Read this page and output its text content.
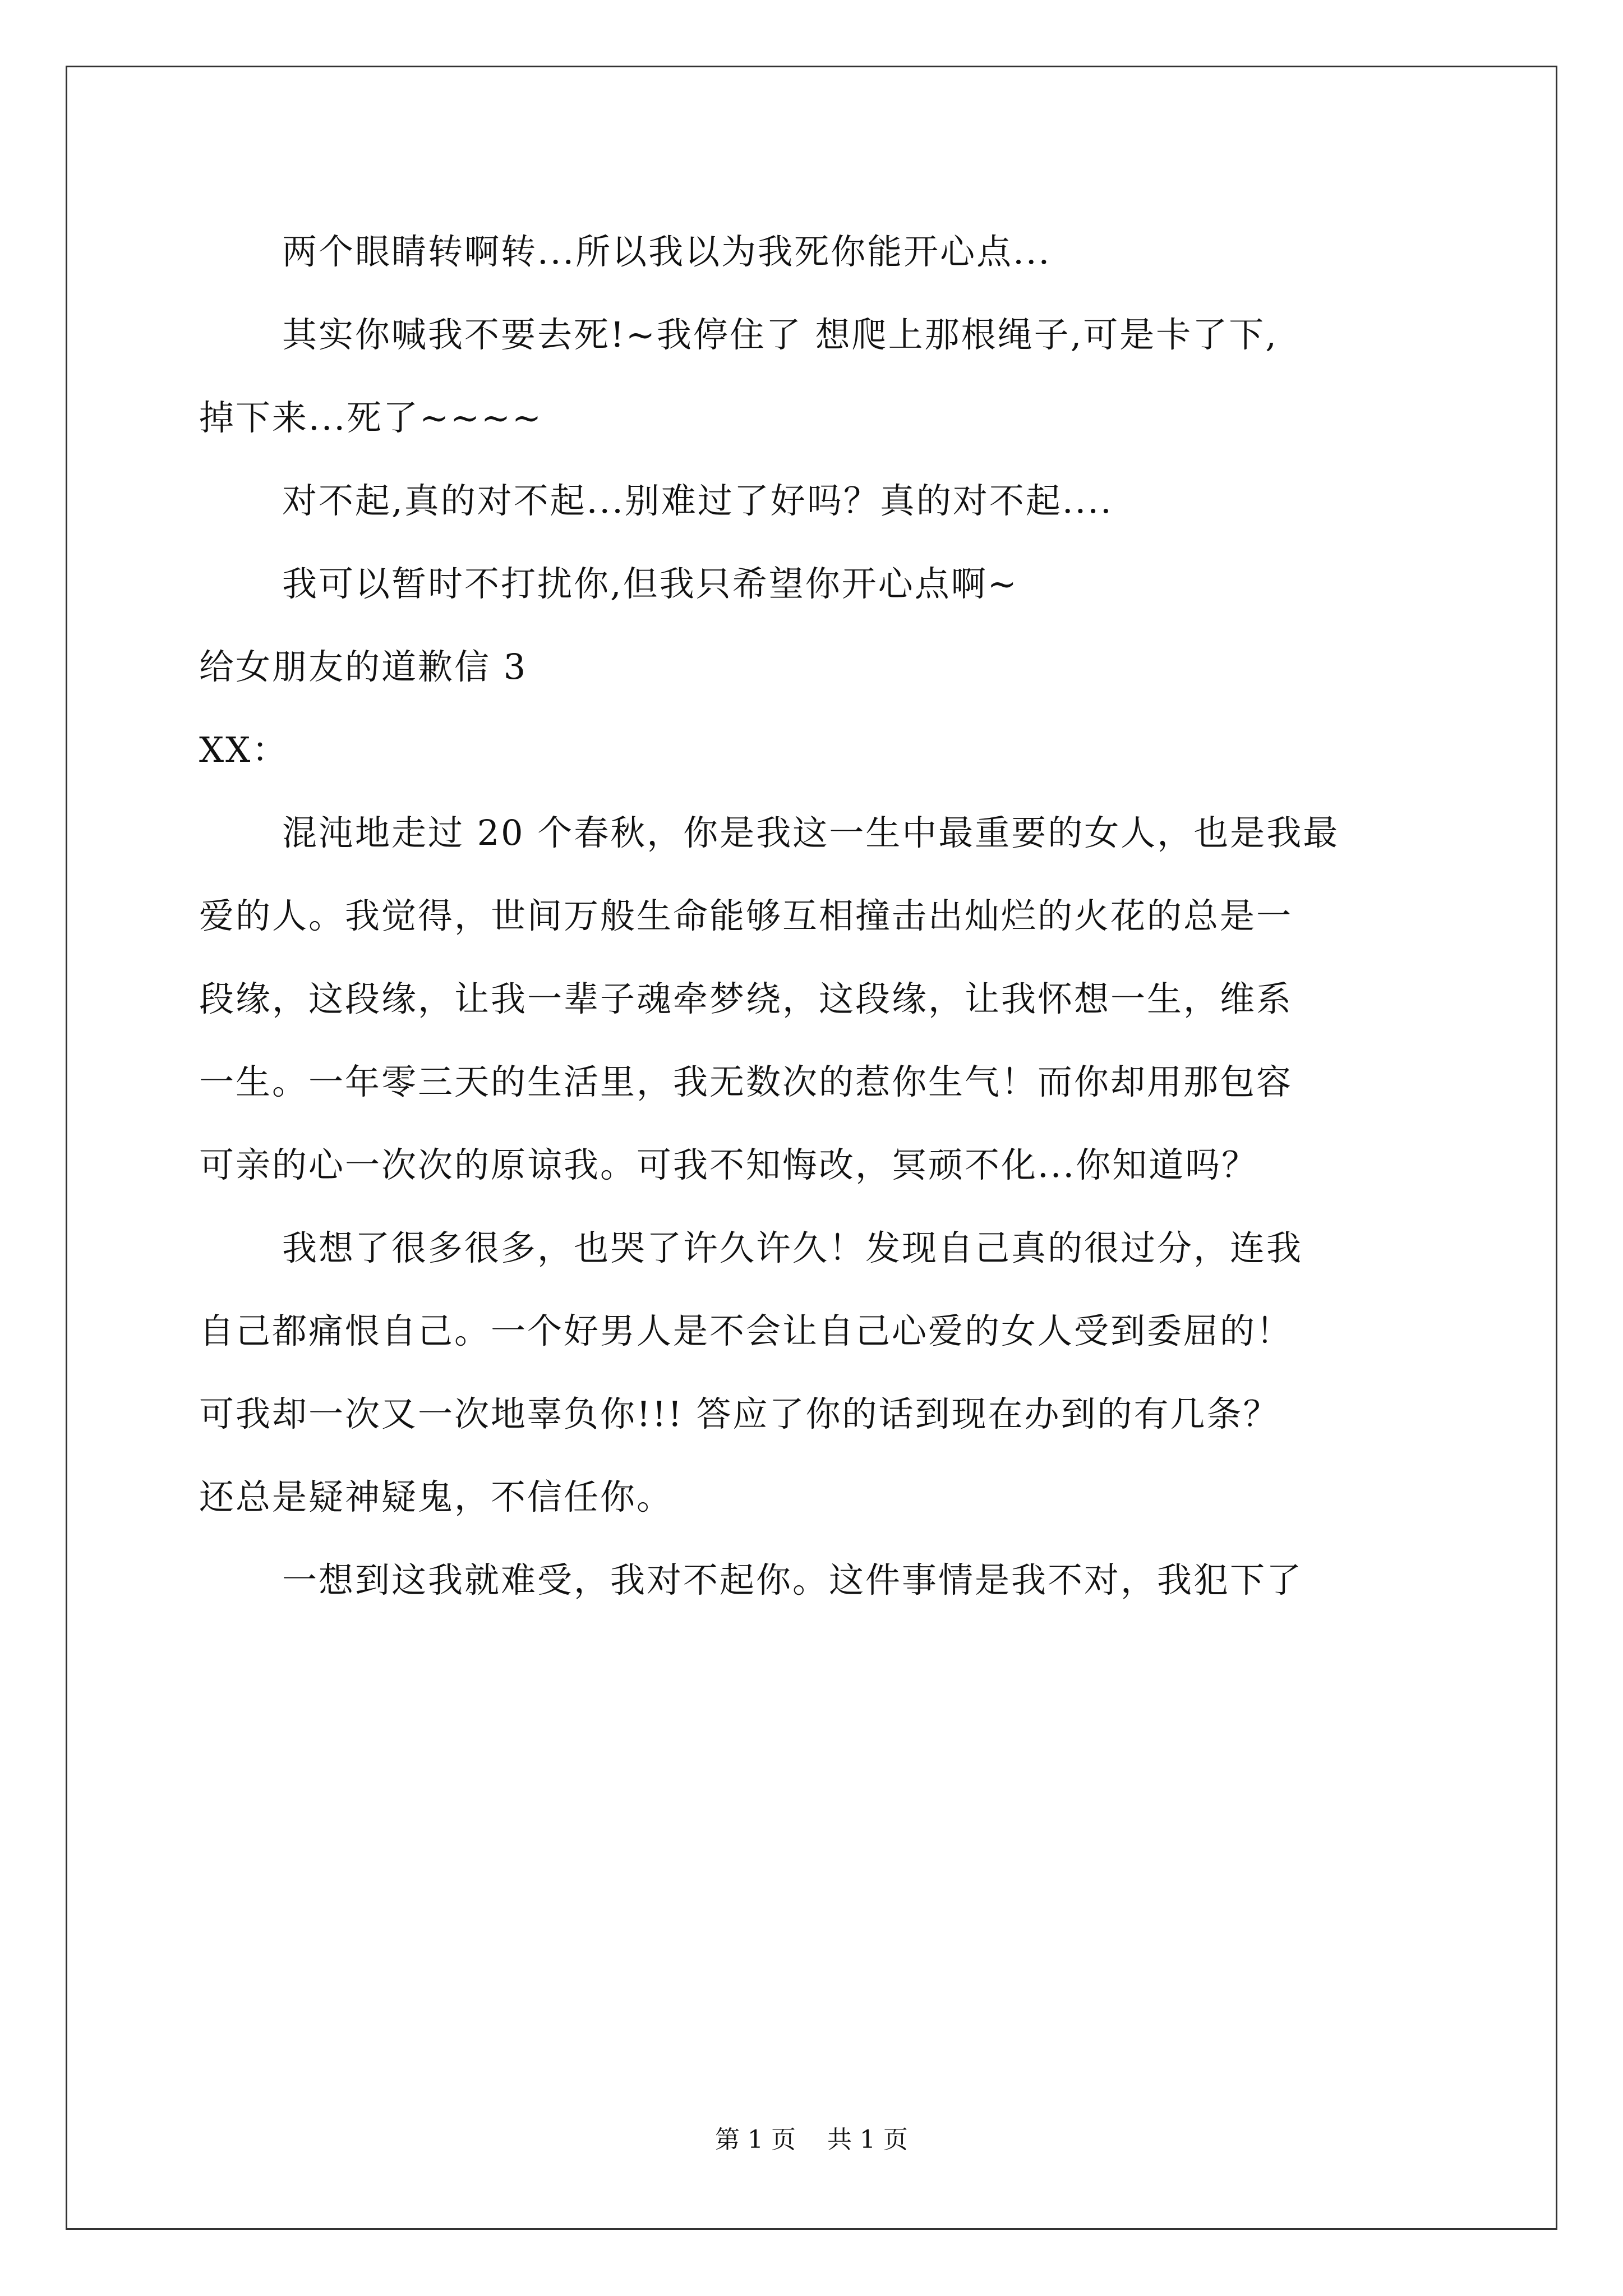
两个眼睛转啊转...所以我以为我死你能开心点...
其实你喊我不要去死!~我停住了 想爬上那根绳子,可是卡了下,
掉下来...死了~~~~
对不起,真的对不起...别难过了好吗？真的对不起....
我可以暂时不打扰你,但我只希望你开心点啊~
给女朋友的道歉信 3
XX：
混沌地走过 20 个春秋，你是我这一生中最重要的女人，也是我最
爱的人。我觉得，世间万般生命能够互相撞击出灿烂的火花的总是一
段缘，这段缘，让我一辈子魂牵梦绕，这段缘，让我怀想一生，维系
一生。一年零三天的生活里，我无数次的惹你生气！而你却用那包容
可亲的心一次次的原谅我。可我不知悔改，冥顽不化...你知道吗？
我想了很多很多，也哭了许久许久！发现自己真的很过分，连我
自己都痛恨自己。一个好男人是不会让自己心爱的女人受到委屈的！
可我却一次又一次地辜负你!!! 答应了你的话到现在办到的有几条？
还总是疑神疑鬼，不信任你。
一想到这我就难受，我对不起你。这件事情是我不对，我犯下了
第 1 页    共 1 页
